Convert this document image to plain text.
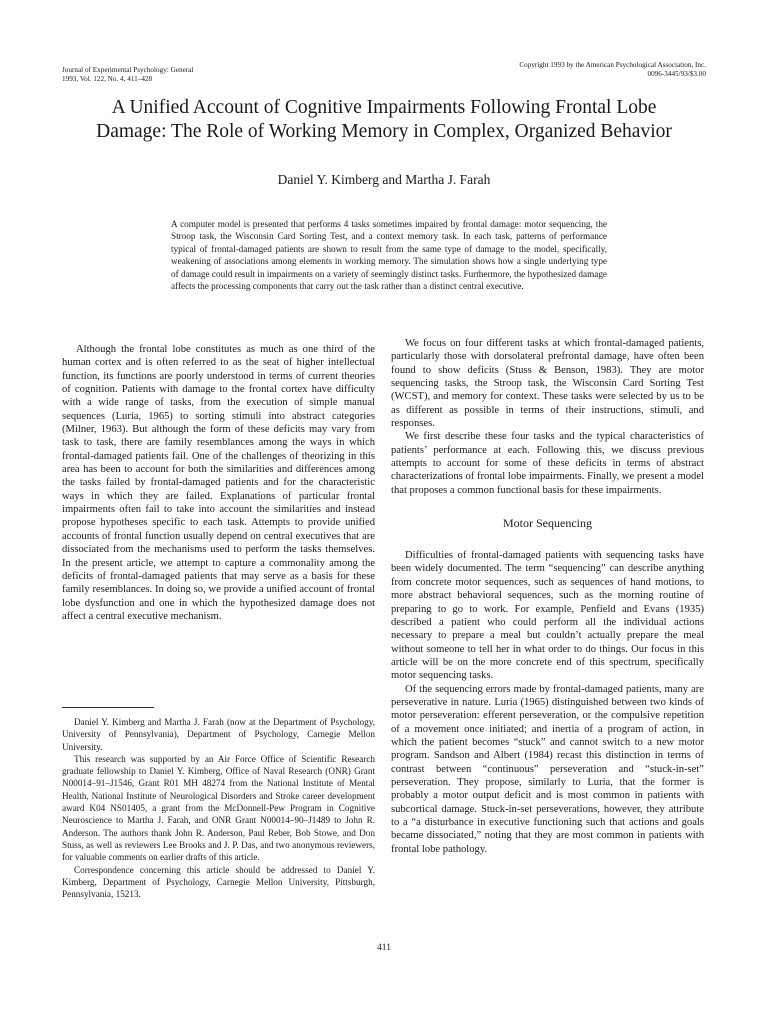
Journal of Experimental Psychology: General
1993, Vol. 122, No. 4, 411–428
Copyright 1993 by the American Psychological Association, Inc.
0096-3445/93/$3.00
A Unified Account of Cognitive Impairments Following Frontal Lobe
Damage: The Role of Working Memory in Complex, Organized Behavior
Daniel Y. Kimberg and Martha J. Farah
A computer model is presented that performs 4 tasks sometimes impaired by frontal damage: motor sequencing, the Stroop task, the Wisconsin Card Sorting Test, and a context memory task. In each task, patterns of performance typical of frontal-damaged patients are shown to result from the same type of damage to the model, specifically, weakening of associations among elements in working memory. The simulation shows how a single underlying type of damage could result in impairments on a variety of seemingly distinct tasks. Furthermore, the hypothesized damage affects the processing components that carry out the task rather than a distinct central executive.

Although the frontal lobe constitutes as much as one third of the human cortex and is often referred to as the seat of higher intellectual function, its functions are poorly understood in terms of current theories of cognition. Patients with damage to the frontal cortex have difficulty with a wide range of tasks, from the execution of simple manual sequences (Luria, 1965) to sorting stimuli into abstract categories (Milner, 1963). But although the form of these deficits may vary from task to task, there are family resemblances among the ways in which frontal-damaged patients fail. One of the challenges of theorizing in this area has been to account for both the similarities and differences among the tasks failed by frontal-damaged patients and for the characteristic ways in which they are failed. Explanations of particular frontal impairments often fail to take into account the similarities and instead propose hypotheses specific to each task. Attempts to provide unified accounts of frontal function usually depend on central executives that are dissociated from the mechanisms used to perform the tasks themselves. In the present article, we attempt to capture a commonality among the deficits of frontal-damaged patients that may serve as a basis for these family resemblances. In doing so, we provide a unified account of frontal lobe dysfunction and one in which the hypothesized damage does not affect a central executive mechanism.

Daniel Y. Kimberg and Martha J. Farah (now at the Department of Psychology, University of Pennsylvania), Department of Psychology, Carnegie Mellon University.

This research was supported by an Air Force Office of Scientific Research graduate fellowship to Daniel Y. Kimberg, Office of Naval Research (ONR) Grant N00014–91–J1546, Grant R01 MH 48274 from the National Institute of Mental Health, National Institute of Neurological Disorders and Stroke career development award K04 NS01405, a grant from the McDonnell-Pew Program in Cognitive Neuroscience to Martha J. Farah, and ONR Grant N00014–90–J1489 to John R. Anderson. The authors thank John R. Anderson, Paul Reber, Bob Stowe, and Don Stuss, as well as reviewers Lee Brooks and J. P. Das, and two anonymous reviewers, for valuable comments on earlier drafts of this article.

Correspondence concerning this article should be addressed to Daniel Y. Kimberg, Department of Psychology, Carnegie Mellon University, Pittsburgh, Pennsylvania, 15213.

We focus on four different tasks at which frontal-damaged patients, particularly those with dorsolateral prefrontal damage, have often been found to show deficits (Stuss & Benson, 1983). They are motor sequencing tasks, the Stroop task, the Wisconsin Card Sorting Test (WCST), and memory for context. These tasks were selected by us to be as different as possible in terms of their instructions, stimuli, and responses.

We first describe these four tasks and the typical characteristics of patients’ performance at each. Following this, we discuss previous attempts to account for some of these deficits in terms of abstract characterizations of frontal lobe impairments. Finally, we present a model that proposes a common functional basis for these impairments.

Motor Sequencing

Difficulties of frontal-damaged patients with sequencing tasks have been widely documented. The term “sequencing” can describe anything from concrete motor sequences, such as sequences of hand motions, to more abstract behavioral sequences, such as the morning routine of preparing to go to work. For example, Penfield and Evans (1935) described a patient who could perform all the individual actions necessary to prepare a meal but couldn’t actually prepare the meal without someone to tell her in what order to do things. Our focus in this article will be on the more concrete end of this spectrum, specifically motor sequencing tasks.

Of the sequencing errors made by frontal-damaged patients, many are perseverative in nature. Luria (1965) distinguished between two kinds of motor perseveration: efferent perseveration, or the compulsive repetition of a movement once initiated; and inertia of a program of action, in which the patient becomes “stuck” and cannot switch to a new motor program. Sandson and Albert (1984) recast this distinction in terms of contrast between “continuous” perseveration and “stuck-in-set” perseveration. They propose, similarly to Luria, that the former is probably a motor output deficit and is most common in patients with subcortical damage. Stuck-in-set perseverations, however, they attribute to a “a disturbance in executive functioning such that actions and goals became dissociated,” noting that they are most common in patients with frontal lobe pathology.

411
